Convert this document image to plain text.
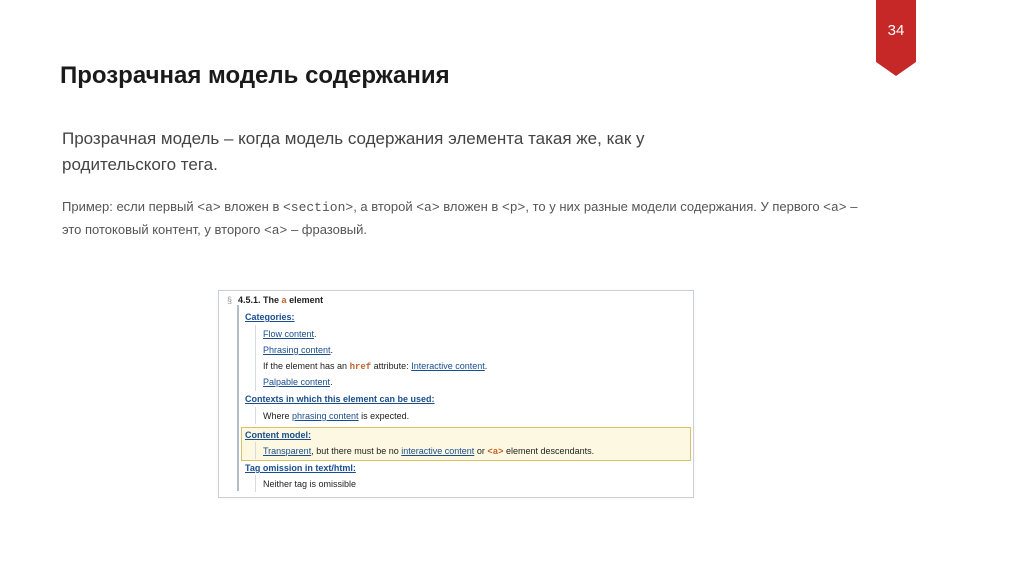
34
Прозрачная модель содержания
Прозрачная модель – когда модель содержания элемента такая же, как у родительского тега.
Пример: если первый <a> вложен в <section>, а второй <a> вложен в <p>, то у них разные модели содержания. У первого <a> – это потоковый контент, у второго <a> – фразовый.
§ 4.5.1. The a element
Categories:
Flow content.
Phrasing content.
If the element has an href attribute: Interactive content.
Palpable content.
Contexts in which this element can be used:
Where phrasing content is expected.
Content model:
Transparent, but there must be no interactive content or <a> element descendants.
Tag omission in text/html:
Neither tag is omissible
